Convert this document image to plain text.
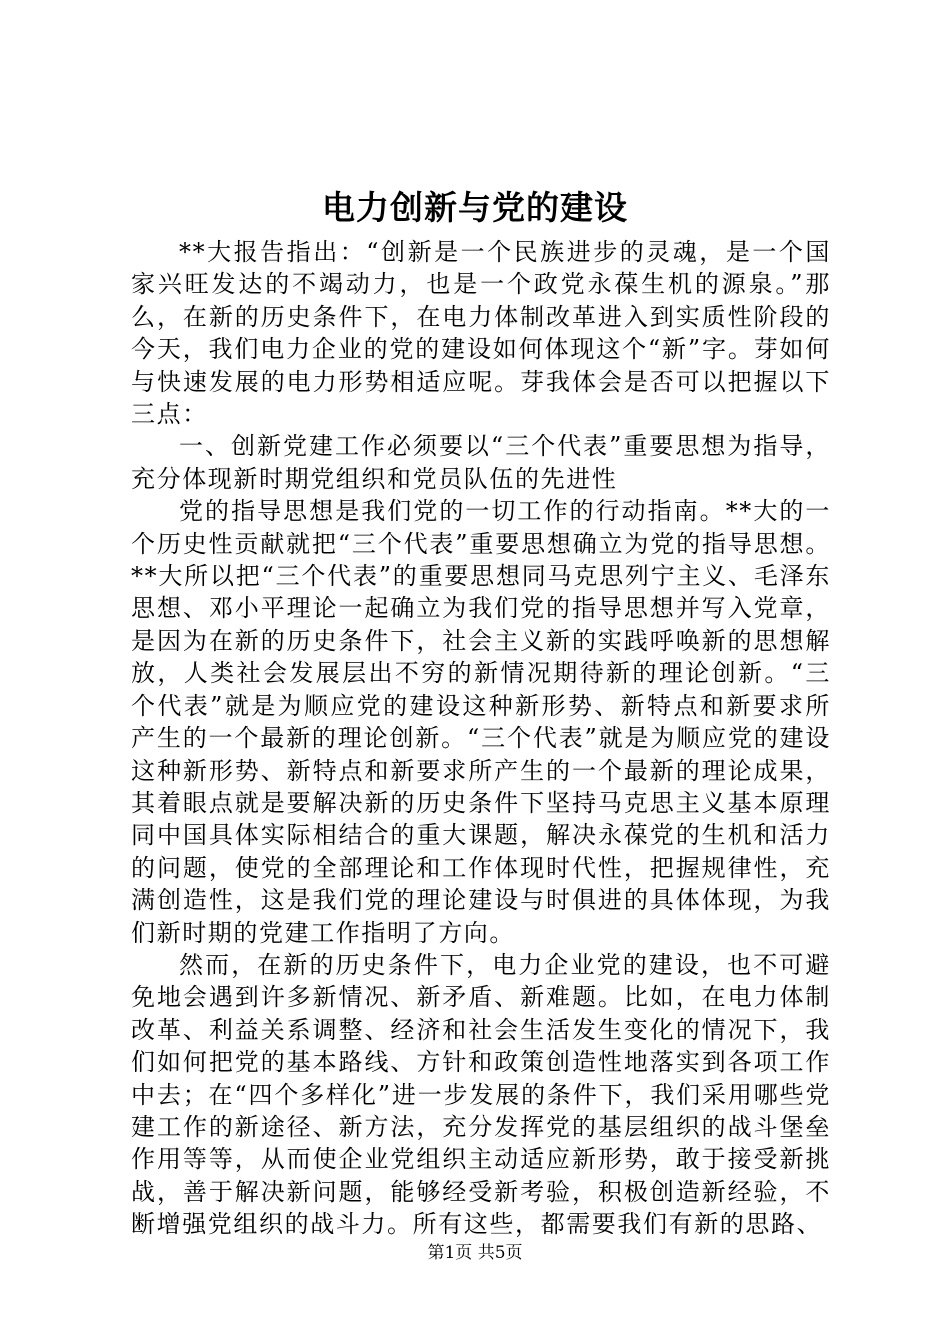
电力创新与党的建设

**大报告指出：“创新是一个民族进步的灵魂，是一个国家兴旺发达的不竭动力，也是一个政党永葆生机的源泉。”那么，在新的历史条件下，在电力体制改革进入到实质性阶段的今天，我们电力企业的党的建设如何体现这个“新”字。芽如何与快速发展的电力形势相适应呢。芽我体会是否可以把握以下三点：

一、创新党建工作必须要以“三个代表”重要思想为指导，充分体现新时期党组织和党员队伍的先进性

党的指导思想是我们党的一切工作的行动指南。**大的一个历史性贡献就把“三个代表”重要思想确立为党的指导思想。**大所以把“三个代表”的重要思想同马克思列宁主义、毛泽东思想、邓小平理论一起确立为我们党的指导思想并写入党章，是因为在新的历史条件下，社会主义新的实践呼唤新的思想解放，人类社会发展层出不穷的新情况期待新的理论创新。“三个代表”就是为顺应党的建设这种新形势、新特点和新要求所产生的一个最新的理论创新。“三个代表”就是为顺应党的建设这种新形势、新特点和新要求所产生的一个最新的理论成果，其着眼点就是要解决新的历史条件下坚持马克思主义基本原理同中国具体实际相结合的重大课题，解决永葆党的生机和活力的问题，使党的全部理论和工作体现时代性，把握规律性，充满创造性，这是我们党的理论建设与时俱进的具体体现，为我们新时期的党建工作指明了方向。

然而，在新的历史条件下，电力企业党的建设，也不可避免地会遇到许多新情况、新矛盾、新难题。比如，在电力体制改革、利益关系调整、经济和社会生活发生变化的情况下，我们如何把党的基本路线、方针和政策创造性地落实到各项工作中去；在“四个多样化”进一步发展的条件下，我们采用哪些党建工作的新途径、新方法，充分发挥党的基层组织的战斗堡垒作用等等，从而使企业党组织主动适应新形势，敢于接受新挑战，善于解决新问题，能够经受新考验，积极创造新经验，不断增强党组织的战斗力。所有这些，都需要我们有新的思路、

第1页 共5页
